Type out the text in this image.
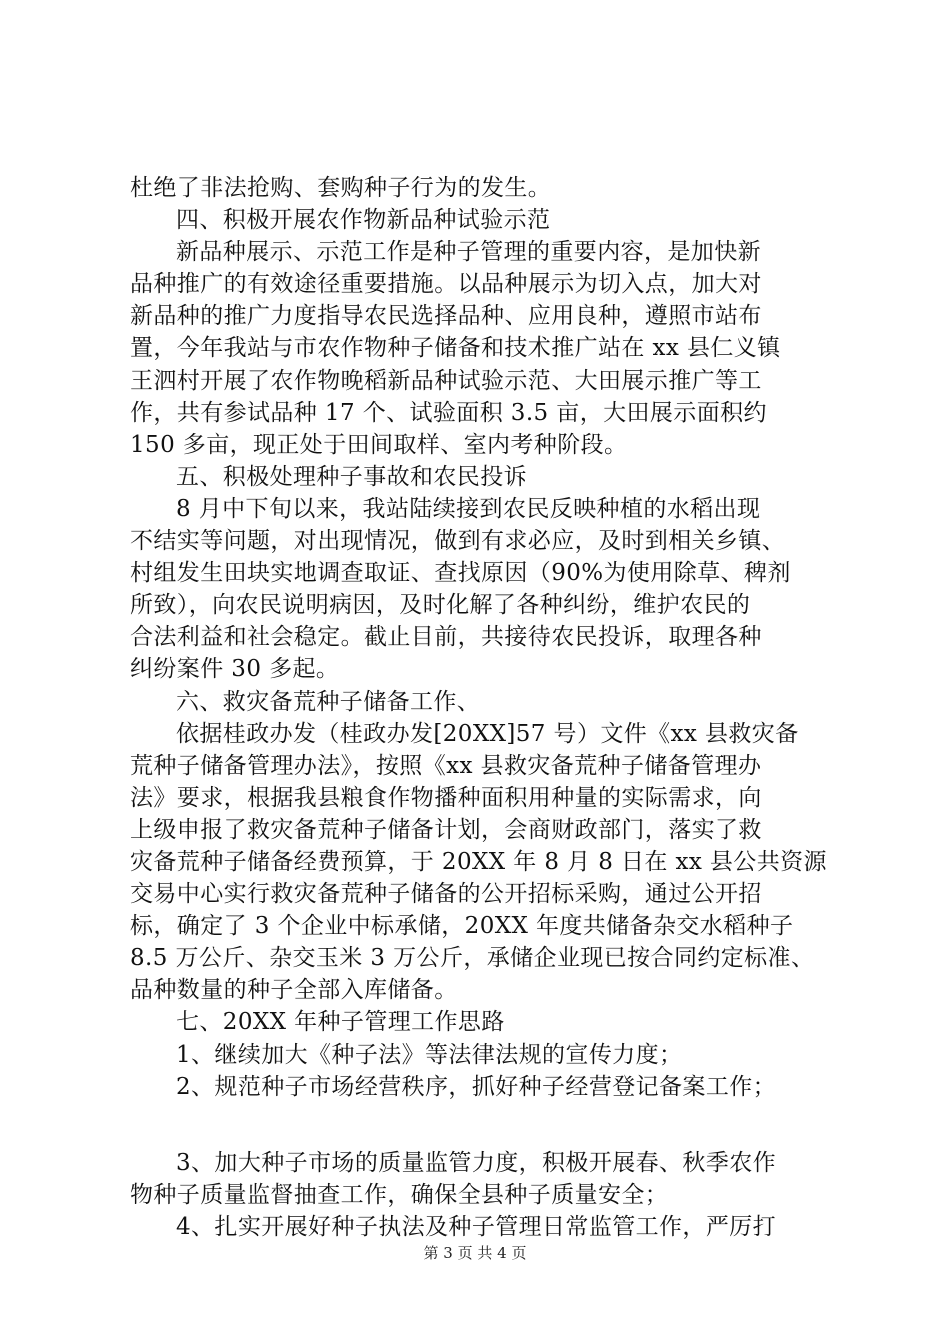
杜绝了非法抢购、套购种子行为的发生。
四、积极开展农作物新品种试验示范
新品种展示、示范工作是种子管理的重要内容，是加快新
品种推广的有效途径重要措施。以品种展示为切入点，加大对
新品种的推广力度指导农民选择品种、应用良种，遵照市站布
置，今年我站与市农作物种子储备和技术推广站在 xx 县仁义镇
王泗村开展了农作物晚稻新品种试验示范、大田展示推广等工
作，共有参试品种 17 个、试验面积 3.5 亩，大田展示面积约
150 多亩，现正处于田间取样、室内考种阶段。
五、积极处理种子事故和农民投诉
8 月中下旬以来，我站陆续接到农民反映种植的水稻出现
不结实等问题，对出现情况，做到有求必应，及时到相关乡镇、
村组发生田块实地调查取证、查找原因（90%为使用除草、稗剂
所致），向农民说明病因，及时化解了各种纠纷，维护农民的
合法利益和社会稳定。截止目前，共接待农民投诉，取理各种
纠纷案件 30 多起。
六、救灾备荒种子储备工作、
依据桂政办发（桂政办发[20XX]57 号）文件《xx 县救灾备
荒种子储备管理办法》，按照《xx 县救灾备荒种子储备管理办
法》要求，根据我县粮食作物播种面积用种量的实际需求，向
上级申报了救灾备荒种子储备计划，会商财政部门，落实了救
灾备荒种子储备经费预算，于 20XX 年 8 月 8 日在 xx 县公共资源
交易中心实行救灾备荒种子储备的公开招标采购，通过公开招
标，确定了 3 个企业中标承储，20XX 年度共储备杂交水稻种子
8.5 万公斤、杂交玉米 3 万公斤，承储企业现已按合同约定标准、
品种数量的种子全部入库储备。
七、20XX 年种子管理工作思路
1、继续加大《种子法》等法律法规的宣传力度；
2、规范种子市场经营秩序，抓好种子经营登记备案工作；
3、加大种子市场的质量监管力度，积极开展春、秋季农作
物种子质量监督抽查工作，确保全县种子质量安全；
4、扎实开展好种子执法及种子管理日常监管工作，严厉打
第 3 页 共 4 页
